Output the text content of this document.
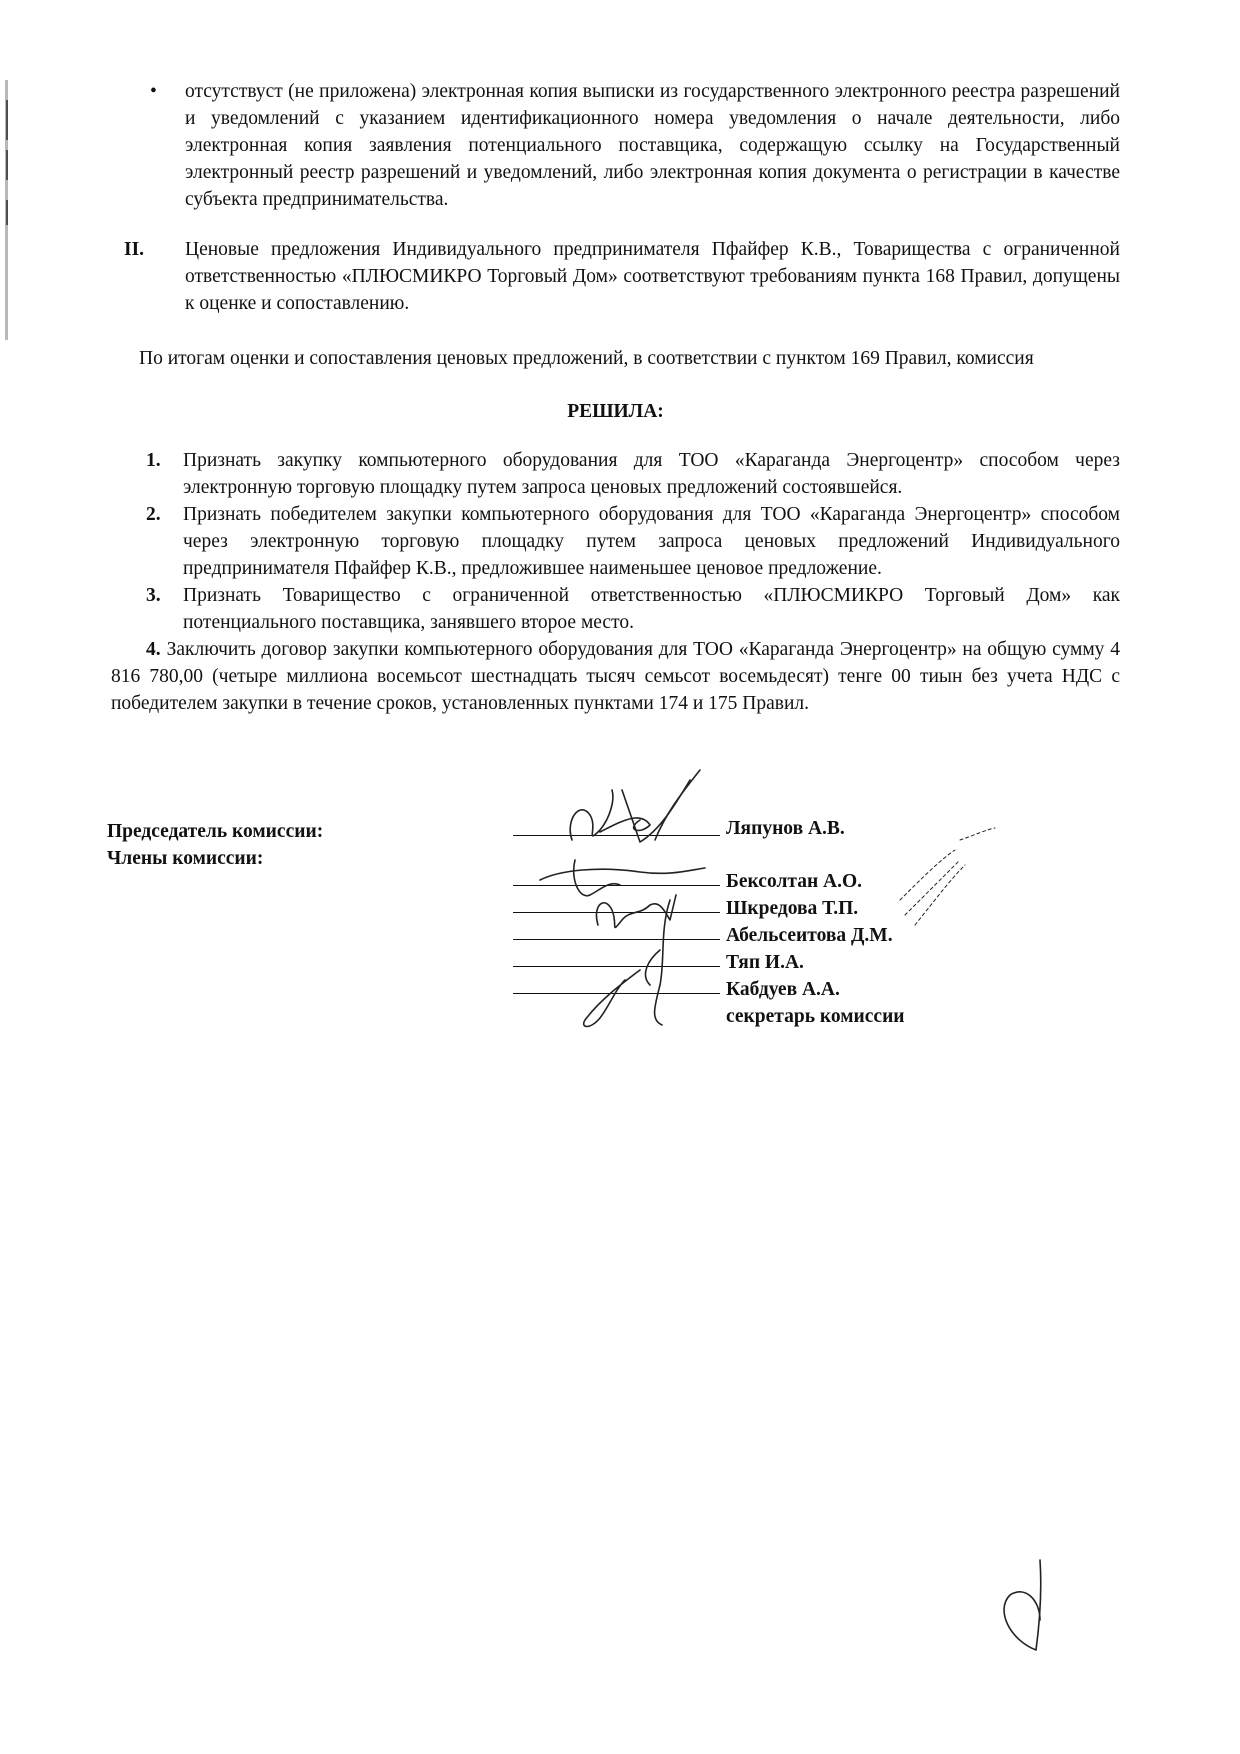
• отсутствуст (не приложена) электронная копия выписки из государственного электронного реестра разрешений и уведомлений с указанием идентификационного номера уведомления о начале деятельности, либо электронная копия заявления потенциального поставщика, содержащую ссылку на Государственный электронный реестр разрешений и уведомлений, либо электронная копия документа о регистрации в качестве субъекта предпринимательства.
II. Ценовые предложения Индивидуального предпринимателя Пфайфер К.В., Товарищества с ограниченной ответственностью «ПЛЮСМИКРО Торговый Дом» соответствуют требованиям пункта 168 Правил, допущены к оценке и сопоставлению.
По итогам оценки и сопоставления ценовых предложений, в соответствии с пунктом 169 Правил, комиссия
РЕШИЛА:
1. Признать закупку компьютерного оборудования для ТОО «Караганда Энергоцентр» способом через электронную торговую площадку путем запроса ценовых предложений состоявшейся.
2. Признать победителем закупки компьютерного оборудования для ТОО «Караганда Энергоцентр» способом через электронную торговую площадку путем запроса ценовых предложений Индивидуального предпринимателя Пфайфер К.В., предложившее наименьшее ценовое предложение.
3. Признать Товарищество с ограниченной ответственностью «ПЛЮСМИКРО Торговый Дом» как потенциального поставщика, занявшего второе место.
4. Заключить договор закупки компьютерного оборудования для ТОО «Караганда Энергоцентр» на общую сумму 4 816 780,00 (четыре миллиона восемьсот шестнадцать тысяч семьсот восемьдесят) тенге 00 тиын без учета НДС с победителем закупки в течение сроков, установленных пунктами 174 и 175 Правил.
Председатель комиссии:
Члены комиссии:
Ляпунов А.В.
Бексолтан А.О.
Шкредова Т.П.
Абельсеитова Д.М.
Тяп И.А.
Кабдуев А.А.
секретарь комиссии
